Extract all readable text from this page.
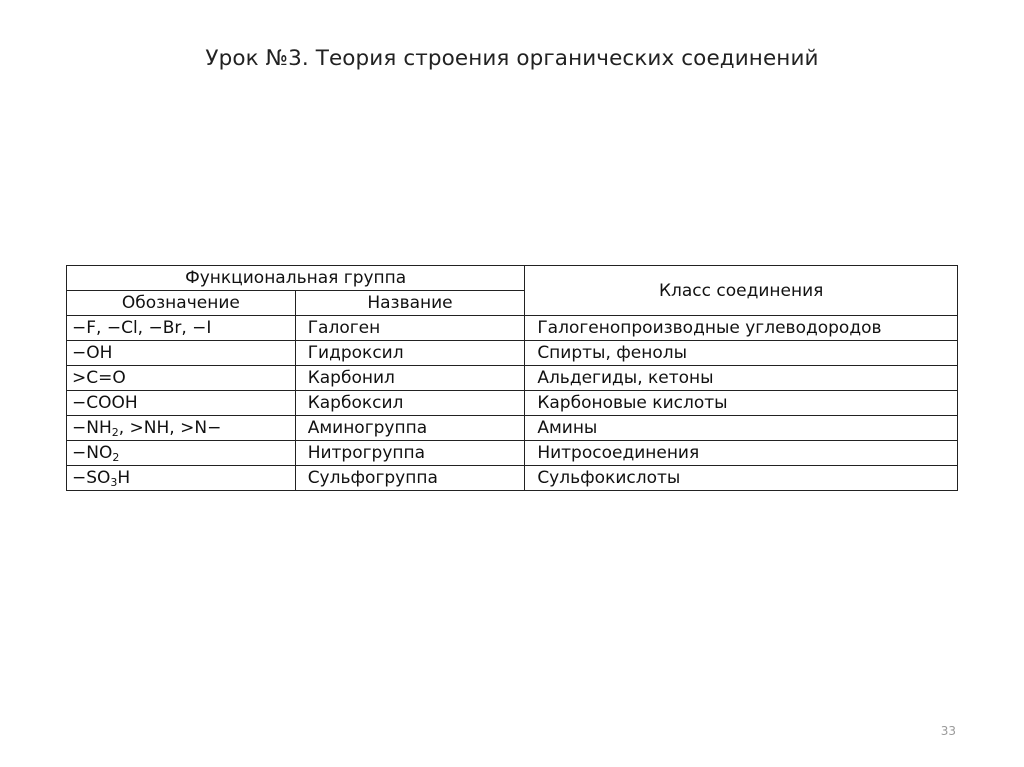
Урок №3. Теория строения органических соединений
Функциональная группа		Класс соединения
Обозначение	Название	
−F, −Cl, −Br, −I	Галоген	Галогенопроизводные углеводородов
−OH	Гидроксил	Спирты, фенолы
>C=O	Карбонил	Альдегиды, кетоны
−COOH	Карбоксил	Карбоновые кислоты
$-NH_2$, >NH, >N−	Аминогруппа	Амины
$-NO_2$	Нитрогруппа	Нитросоединения
$-SO_3H$	Сульфогруппа	Сульфокислоты
33
